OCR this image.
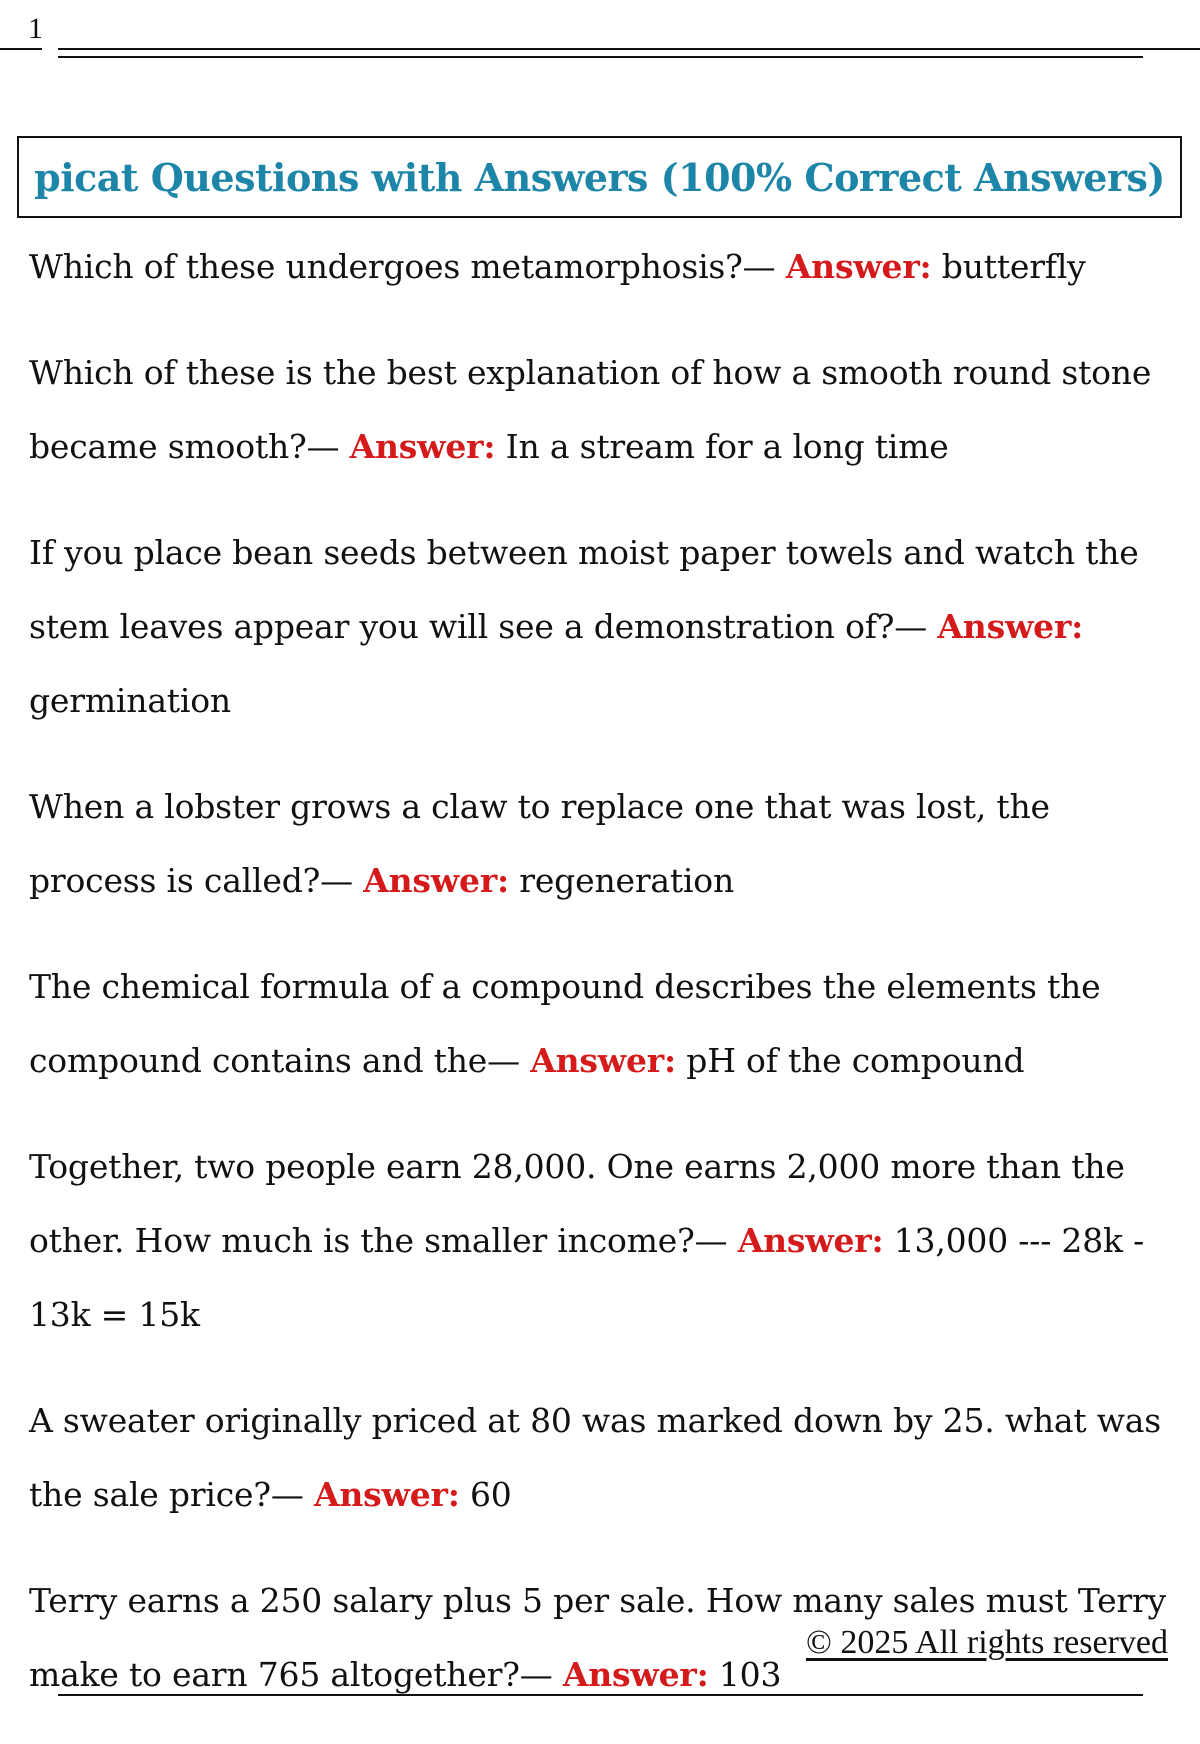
1
picat Questions with Answers (100% Correct Answers)

Which of these undergoes metamorphosis?— Answer: butterfly

Which of these is the best explanation of how a smooth round stone became smooth?— Answer: In a stream for a long time

If you place bean seeds between moist paper towels and watch the stem leaves appear you will see a demonstration of?— Answer: germination

When a lobster grows a claw to replace one that was lost, the process is called?— Answer: regeneration

The chemical formula of a compound describes the elements the compound contains and the— Answer: pH of the compound

Together, two people earn 28,000. One earns 2,000 more than the other. How much is the smaller income?— Answer: 13,000 --- 28k - 13k = 15k

A sweater originally priced at 80 was marked down by 25. what was the sale price?— Answer: 60

Terry earns a 250 salary plus 5 per sale. How many sales must Terry make to earn 765 altogether?— Answer: 103

© 2025 All rights reserved
